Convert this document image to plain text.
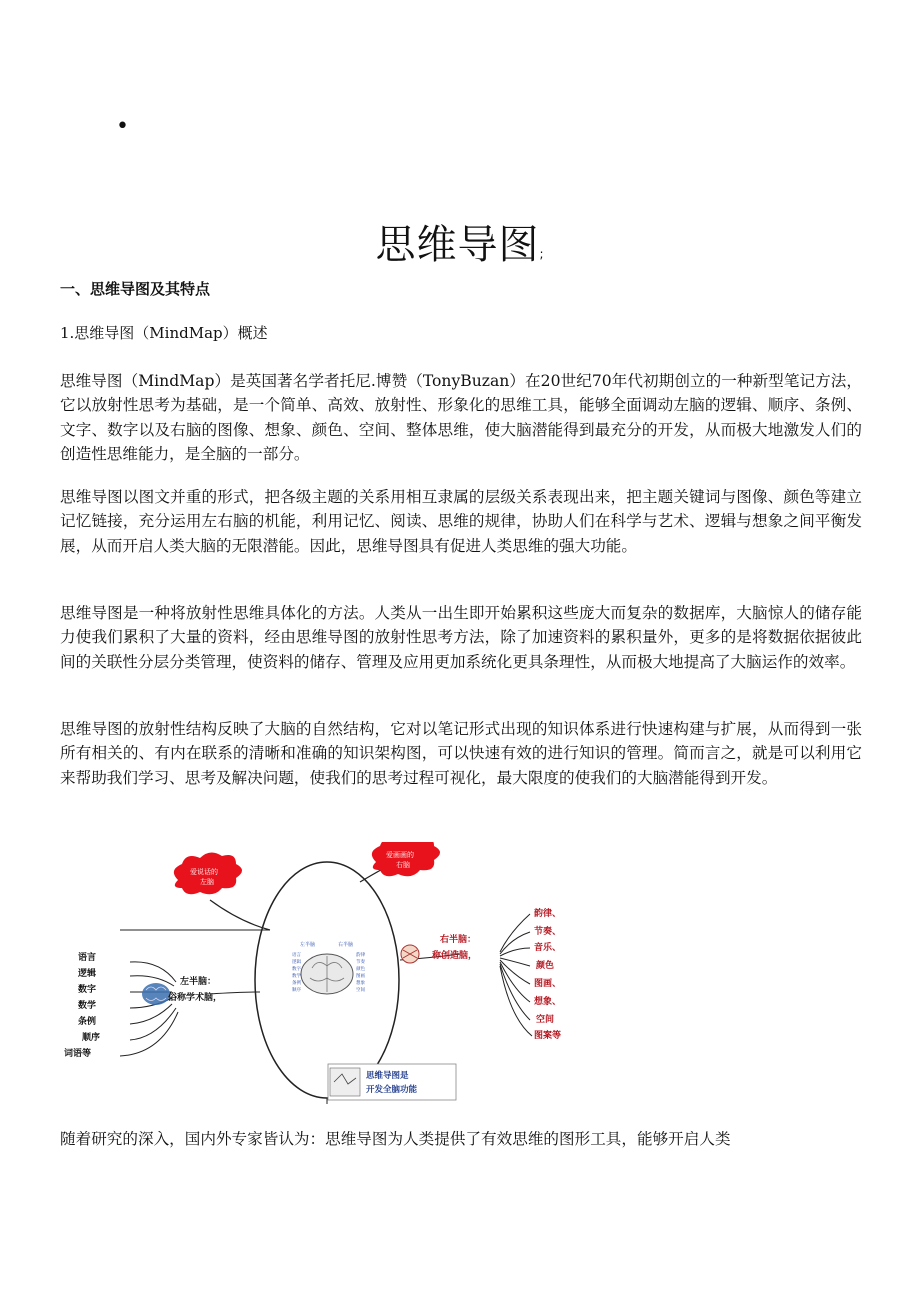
•
思维导图;
一、思维导图及其特点
1.思维导图（MindMap）概述

思维导图（MindMap）是英国著名学者托尼.博赞（TonyBuzan）在20世纪70年代初期创立的一种新型笔记方法，它以放射性思考为基础，是一个简单、高效、放射性、形象化的思维工具，能够全面调动左脑的逻辑、顺序、条例、文字、数字以及右脑的图像、想象、颜色、空间、整体思维，使大脑潜能得到最充分的开发，从而极大地激发人们的创造性思维能力，是全脑的一部分。

思维导图以图文并重的形式，把各级主题的关系用相互隶属的层级关系表现出来，把主题关键词与图像、颜色等建立记忆链接，充分运用左右脑的机能，利用记忆、阅读、思维的规律，协助人们在科学与艺术、逻辑与想象之间平衡发展，从而开启人类大脑的无限潜能。因此，思维导图具有促进人类思维的强大功能。

思维导图是一种将放射性思维具体化的方法。人类从一出生即开始累积这些庞大而复杂的数据库，大脑惊人的储存能力使我们累积了大量的资料，经由思维导图的放射性思考方法，除了加速资料的累积量外，更多的是将数据依据彼此间的关联性分层分类管理，使资料的储存、管理及应用更加系统化更具条理性，从而极大地提高了大脑运作的效率。

思维导图的放射性结构反映了大脑的自然结构，它对以笔记形式出现的知识体系进行快速构建与扩展，从而得到一张所有相关的、有内在联系的清晰和准确的知识架构图，可以快速有效的进行知识的管理。简而言之，就是可以利用它来帮助我们学习、思考及解决问题，使我们的思考过程可视化，最大限度的使我们的大脑潜能得到开发。

左半脑	右半脑
语言
逻辑
数字
数学
条例
顺序
韵律
节奏
颜色
图画
想象
空间
爱说话的左脑
爱画画的右脑
语言
逻辑
数字
数学
条例
顺序
词语等
左半脑：
俗称学术脑，
右半脑：
称创造脑，
韵律、
节奏、
音乐、
颜色
图画、
想象、
空间
图案等
思维导图是
开发全脑功能

随着研究的深入，国内外专家皆认为：思维导图为人类提供了有效思维的图形工具，能够开启人类
